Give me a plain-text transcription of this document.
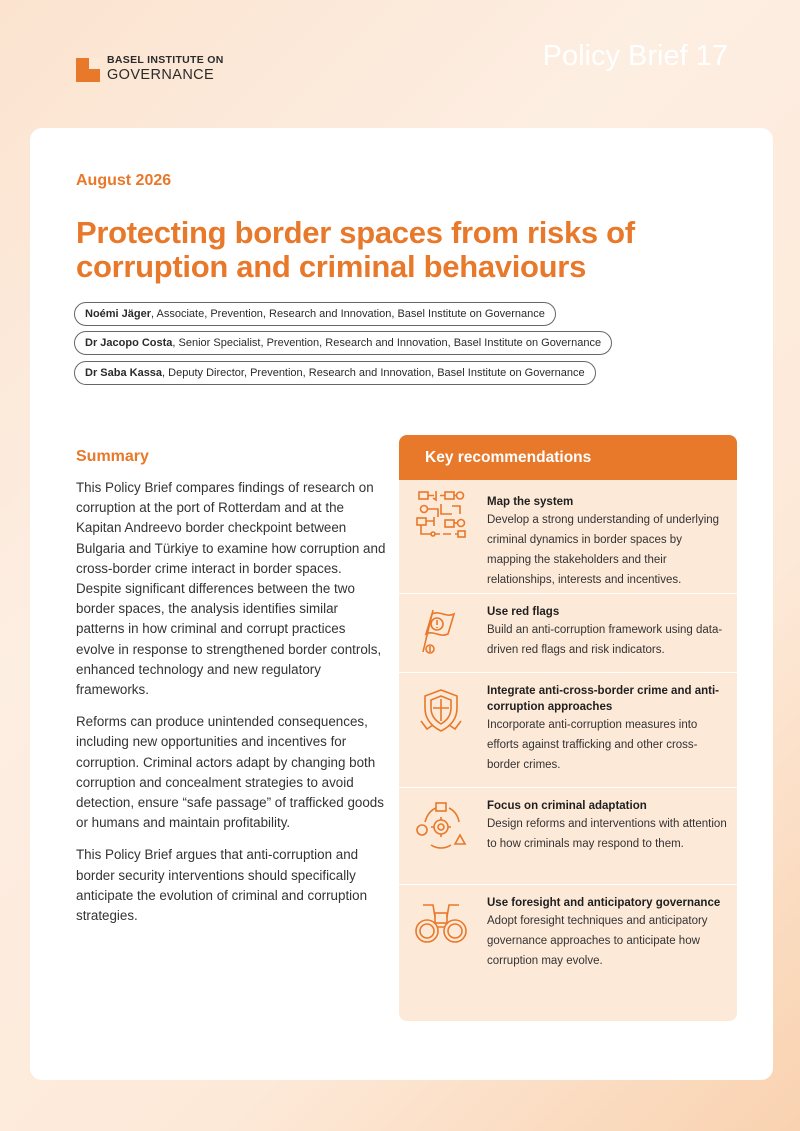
BASEL INSTITUTE ON
GOVERNANCE
Policy Brief 17
August 2026
Protecting border spaces from risks of corruption and criminal behaviours
Noémi Jäger, Associate, Prevention, Research and Innovation, Basel Institute on Governance
Dr Jacopo Costa, Senior Specialist, Prevention, Research and Innovation, Basel Institute on Governance
Dr Saba Kassa, Deputy Director, Prevention, Research and Innovation, Basel Institute on Governance
Summary

This Policy Brief compares findings of research on corruption at the port of Rotterdam and at the Kapitan Andreevo border checkpoint between Bulgaria and Türkiye to examine how corruption and cross-border crime interact in border spaces. Despite significant differences between the two border spaces, the analysis identifies similar patterns in how criminal and corrupt practices evolve in response to strengthened border controls, enhanced technology and new regulatory frameworks.

Reforms can produce unintended consequences, including new opportunities and incentives for corruption. Criminal actors adapt by changing both corruption and concealment strategies to avoid detection, ensure “safe passage” of trafficked goods or humans and maintain profitability.

This Policy Brief argues that anti-corruption and border security interventions should specifically anticipate the evolution of criminal and corruption strategies.

Key recommendations
Map the system
Develop a strong understanding of underlying criminal dynamics in border spaces by mapping the stakeholders and their relationships, interests and incentives.
Use red flags
Build an anti-corruption framework using data-driven red flags and risk indicators.
Integrate anti-cross-border crime and anti-corruption approaches
Incorporate anti-corruption measures into efforts against trafficking and other cross-border crimes.
Focus on criminal adaptation
Design reforms and interventions with attention to how criminals may respond to them.
Use foresight and anticipatory governance
Adopt foresight techniques and anticipatory governance approaches to anticipate how corruption may evolve.
